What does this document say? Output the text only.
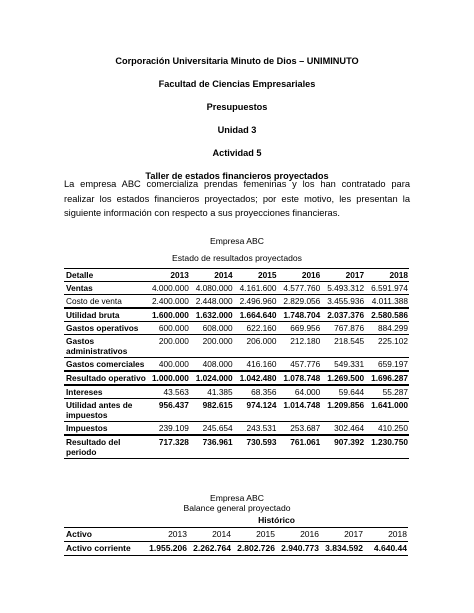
Corporación Universitaria Minuto de Dios – UNIMINUTO
Facultad de Ciencias Empresariales
Presupuestos
Unidad 3
Actividad 5
Taller de estados financieros proyectados

La empresa ABC comercializa prendas femeninas y los han contratado para realizar los estados financieros proyectados; por este motivo, les presentan la siguiente información con respecto a sus proyecciones financieras.

Empresa ABC
Estado de resultados proyectados
Detalle	2013	2014	2015	2016	2017	2018
Ventas	4.000.000	4.080.000	4.161.600	4.577.760	5.493.312	6.591.974
Costo de venta	2.400.000	2.448.000	2.496.960	2.829.056	3.455.936	4.011.388
Utilidad bruta	1.600.000	1.632.000	1.664.640	1.748.704	2.037.376	2.580.586
Gastos operativos	600.000	608.000	622.160	669.956	767.876	884.299
Gastos administrativos	200.000	200.000	206.000	212.180	218.545	225.102
Gastos comerciales	400.000	408.000	416.160	457.776	549.331	659.197
Resultado operativo	1.000.000	1.024.000	1.042.480	1.078.748	1.269.500	1.696.287
Intereses	43.563	41.385	68.356	64.000	59.644	55.287
Utilidad antes de impuestos	956.437	982.615	974.124	1.014.748	1.209.856	1.641.000
Impuestos	239.109	245.654	243.531	253.687	302.464	410.250
Resultado del periodo	717.328	736.961	730.593	761.061	907.392	1.230.750
Empresa ABC
Balance general proyectado
	Histórico					
Activo	2013	2014	2015	2016	2017	2018
Activo corriente	1.955.206	2.262.764	2.802.726	2.940.773	3.834.592	4.640.44
